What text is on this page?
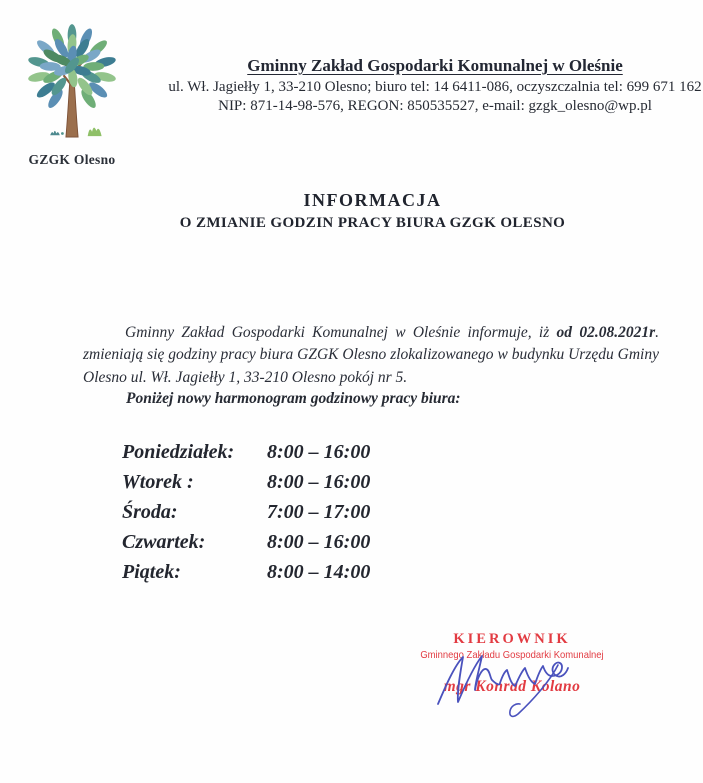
GZGK Olesno
Gminny Zakład Gospodarki Komunalnej w Oleśnie
ul. Wł. Jagiełły 1, 33-210 Olesno; biuro tel: 14 6411-086, oczyszczalnia tel: 699 671 162
NIP: 871-14-98-576, REGON: 850535527, e-mail: gzgk_olesno@wp.pl
INFORMACJA
O ZMIANIE GODZIN PRACY BIURA GZGK OLESNO

Gminny Zakład Gospodarki Komunalnej w Oleśnie informuje, iż od 02.08.2021r. zmieniają się godziny pracy biura GZGK Olesno zlokalizowanego w budynku Urzędu Gminy Olesno ul. Wł. Jagiełły 1, 33-210 Olesno pokój nr 5.

Poniżej nowy harmonogram godzinowy pracy biura:
Poniedziałek:	8:00 – 16:00
Wtorek :	8:00 – 16:00
Środa:	7:00 – 17:00
Czwartek:	8:00 – 16:00
Piątek:	8:00 – 14:00
KIEROWNIK
Gminnego Zakładu Gospodarki Komunalnej
mgr Konrad Kolano
